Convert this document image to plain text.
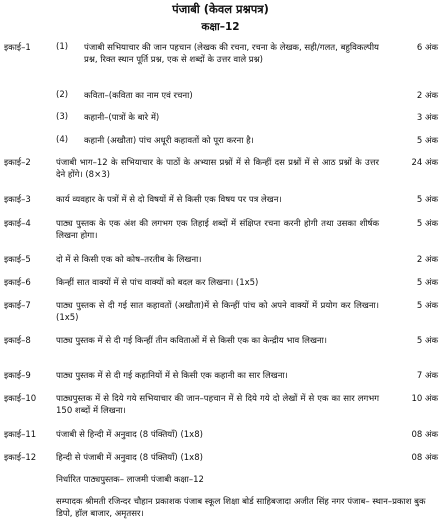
पंजाबी (केवल प्रश्नपत्र)
कक्षा–12
इकाई–1	(1) पंजाबी सभियाचार की जान पहचान (लेखक की रचना, रचना के लेखक, सही/गलत, बहुविकल्पीय प्रश्न, रिक्त स्थान पूर्ति प्रश्न, एक से शब्दों के उत्तर वाले प्रश्न)
6 अंक
(2) कविता–(कविता का नाम एवं रचना)	2 अंक
(3) कहानी–(पात्रों के बारे में)	3 अंक
(4) कहानी (अखौता) पांच अधूरी कहावतों को पूरा करना है।	5 अंक
इकाई–2	पंजाबी भाग–12 के सभियाचार के पाठों के अभ्यास प्रश्नों में से किन्हीं दस प्रश्नों में से आठ प्रश्नों के उत्तर देने होंगे। (8×3)
24 अंक
इकाई–3	कार्य व्यवहार के पत्रों में से दो विषयों में से किसी एक विषय पर पत्र लेखन।	5 अंक
इकाई–4	पाठ्य पुस्तक के एक अंश की लगभग एक तिहाई शब्दों में संक्षिप्त रचना करनी होगी तथा उसका शीर्षक लिखना होगा।
5 अंक
इकाई–5	दो में से किसी एक को कोष–तरतीब के लिखना।	2 अंक
इकाई–6	किन्हीं सात वाक्यों में से पांच वाक्यों को बदल कर लिखना। (1x5)	5 अंक
इकाई–7	पाठ्य पुस्तक से दी गई सात कहावतों (अखौता)में से किन्हीं पांच को अपने वाक्यों में प्रयोग कर लिखना। (1x5)
5 अंक
इकाई–8	पाठ्य पुस्तक में से दी गई किन्हीं तीन कविताओं में से किसी एक का केन्द्रीय भाव लिखना।	5 अंक
इकाई–9	पाठ्य पुस्तक में से दी गई कहानियों में से किसी एक कहानी का सार लिखना।	7 अंक
इकाई–10 पाठ्यपुस्तक में से दिये गये सभियाचार की जान–पहचान में से दिये गये दो लेखों में से एक का सार लगभग 150 शब्दों में लिखना।
10 अंक
इकाई–11 पंजाबी से हिन्दी में अनुवाद (8 पंक्तियाँ) (1x8)	08 अंक
इकाई–12 हिन्दी से पंजाबी में अनुवाद (8 पंक्तियाँ) (1x8)	08 अंक
निर्धारित पाठ्यपुस्तक– लाजमी पंजाबी कक्षा–12
सम्पादक श्रीमती रजिन्दर चौहान प्रकाशक पंजाब स्कूल शिक्षा बोर्ड साहिबजादा अजीत सिंह नगर पंजाब– स्थान–प्रकाश बुक डिपो, हॉल बाजार, अमृतसर।
